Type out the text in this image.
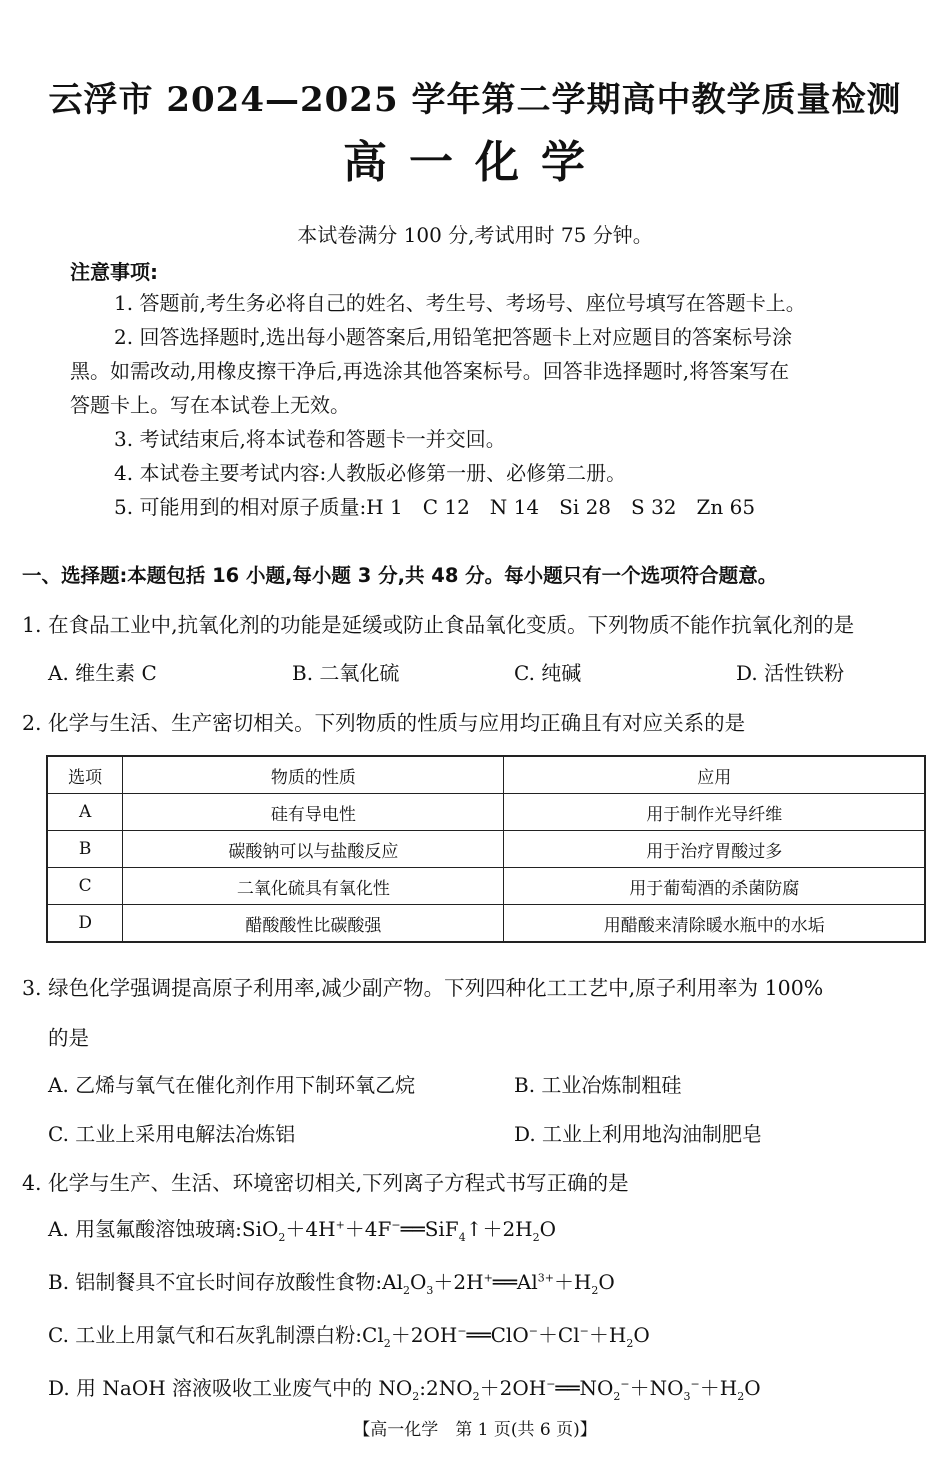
云浮市 2024—2025 学年第二学期高中教学质量检测
高一化学
本试卷满分 100 分,考试用时 75 分钟。
注意事项:
1. 答题前,考生务必将自己的姓名、考生号、考场号、座位号填写在答题卡上。
2. 回答选择题时,选出每小题答案后,用铅笔把答题卡上对应题目的答案标号涂
黑。如需改动,用橡皮擦干净后,再选涂其他答案标号。回答非选择题时,将答案写在
答题卡上。写在本试卷上无效。
3. 考试结束后,将本试卷和答题卡一并交回。
4. 本试卷主要考试内容:人教版必修第一册、必修第二册。
5. 可能用到的相对原子质量:H 1　C 12　N 14　Si 28　S 32　Zn 65
一、选择题:本题包括 16 小题,每小题 3 分,共 48 分。每小题只有一个选项符合题意。
1. 在食品工业中,抗氧化剂的功能是延缓或防止食品氧化变质。下列物质不能作抗氧化剂的是
A. 维生素 C	B. 二氧化硫	C. 纯碱	D. 活性铁粉
2. 化学与生活、生产密切相关。下列物质的性质与应用均正确且有对应关系的是
选项	物质的性质	应用
A	硅有导电性	用于制作光导纤维
B	碳酸钠可以与盐酸反应	用于治疗胃酸过多
C	二氧化硫具有氧化性	用于葡萄酒的杀菌防腐
D	醋酸酸性比碳酸强	用醋酸来清除暖水瓶中的水垢
3. 绿色化学强调提高原子利用率,减少副产物。下列四种化工工艺中,原子利用率为 100%
的是
A. 乙烯与氧气在催化剂作用下制环氧乙烷	B. 工业冶炼制粗硅
C. 工业上采用电解法冶炼铝	D. 工业上利用地沟油制肥皂
4. 化学与生产、生活、环境密切相关,下列离子方程式书写正确的是
A. 用氢氟酸溶蚀玻璃$:SiO_2+4H^++4F^-══SiF_4↑+2H_2O$
B. 铝制餐具不宜长时间存放酸性食物$:Al_2O_3+2H^+══Al^{3+}+H_2O$
C. 工业上用氯气和石灰乳制漂白粉$:Cl_2+2OH^-══ClO^-+Cl^-+H_2O$
D. 用 NaOH 溶液吸收工业废气中的 $NO_2:2NO_2+2OH^-══NO_2^-+NO_3^-+H_2O$
【高一化学　第 1 页(共 6 页)】
